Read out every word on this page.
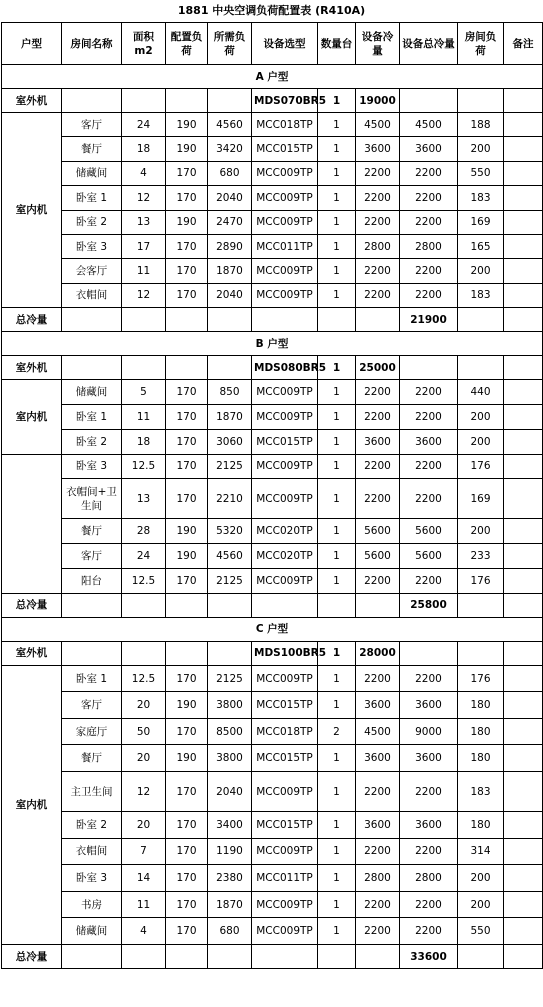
1881 中央空调负荷配置表 (R410A)
户型	房间名称	面积m2	配置负荷	所需负荷	设备选型	数量台	设备冷量	设备总冷量	房间负荷	备注
A 户型										
室外机					MDS070BR5	1	19000			
室内机	客厅	24	190	4560	MCC018TP	1	4500	4500	188	
	餐厅	18	190	3420	MCC015TP	1	3600	3600	200	
	储藏间	4	170	680	MCC009TP	1	2200	2200	550	
	卧室 1	12	170	2040	MCC009TP	1	2200	2200	183	
	卧室 2	13	190	2470	MCC009TP	1	2200	2200	169	
	卧室 3	17	170	2890	MCC011TP	1	2800	2800	165	
	会客厅	11	170	1870	MCC009TP	1	2200	2200	200	
	衣帽间	12	170	2040	MCC009TP	1	2200	2200	183	
总冷量								21900		
B 户型										
室外机					MDS080BR5	1	25000			
室内机	储藏间	5	170	850	MCC009TP	1	2200	2200	440	
	卧室 1	11	170	1870	MCC009TP	1	2200	2200	200	
	卧室 2	18	170	3060	MCC015TP	1	3600	3600	200	
	卧室 3	12.5	170	2125	MCC009TP	1	2200	2200	176	
	衣帽间+卫生间	13	170	2210	MCC009TP	1	2200	2200	169	
	餐厅	28	190	5320	MCC020TP	1	5600	5600	200	
	客厅	24	190	4560	MCC020TP	1	5600	5600	233	
	阳台	12.5	170	2125	MCC009TP	1	2200	2200	176	
总冷量								25800		
C 户型										
室外机					MDS100BR5	1	28000			
室内机	卧室 1	12.5	170	2125	MCC009TP	1	2200	2200	176	
	客厅	20	190	3800	MCC015TP	1	3600	3600	180	
	家庭厅	50	170	8500	MCC018TP	2	4500	9000	180	
	餐厅	20	190	3800	MCC015TP	1	3600	3600	180	
	主卫生间	12	170	2040	MCC009TP	1	2200	2200	183	
	卧室 2	20	170	3400	MCC015TP	1	3600	3600	180	
	衣帽间	7	170	1190	MCC009TP	1	2200	2200	314	
	卧室 3	14	170	2380	MCC011TP	1	2800	2800	200	
	书房	11	170	1870	MCC009TP	1	2200	2200	200	
	储藏间	4	170	680	MCC009TP	1	2200	2200	550	
总冷量								33600		
